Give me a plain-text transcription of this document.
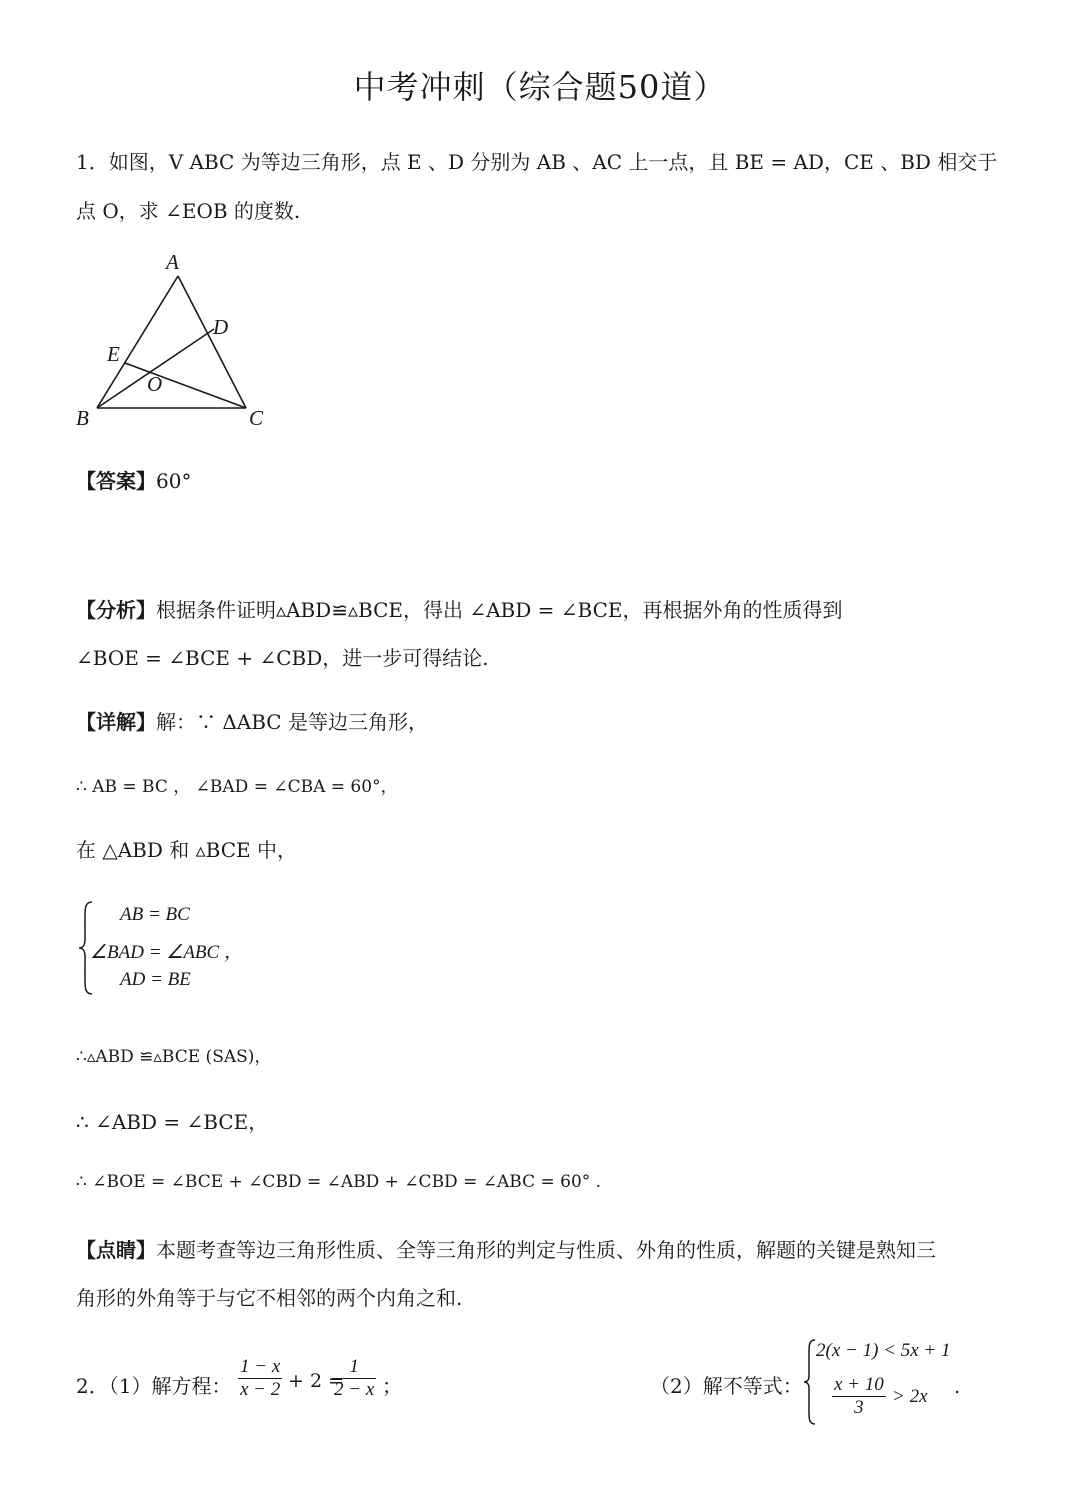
中考冲刺（综合题50道）
1．如图，V ABC 为等边三角形，点 E 、D 分别为 AB 、AC 上一点，且 BE = AD，CE 、BD 相交于
点 O，求 ∠EOB 的度数.
A
D
E
O
B	C
【答案】60°
【分析】根据条件证明▵ABD≌▵BCE，得出 ∠ABD = ∠BCE，再根据外角的性质得到
∠BOE = ∠BCE + ∠CBD，进一步可得结论.
【详解】解：∵ ΔABC 是等边三角形，
∴ AB = BC ， ∠BAD = ∠CBA = 60°，
在 △ABD 和 ▵BCE 中，
AB = BC
∠BAD = ∠ABC ，
AD = BE
∴▵ABD ≌▵BCE (SAS)，
∴ ∠ABD = ∠BCE，
∴ ∠BOE = ∠BCE + ∠CBD = ∠ABD + ∠CBD = ∠ABC = 60° .
【点睛】本题考查等边三角形性质、全等三角形的判定与性质、外角的性质，解题的关键是熟知三
角形的外角等于与它不相邻的两个内角之和.
2．（1）解方程： $\frac{1 - x}{x - 2} + 2$ =
$\frac{1}{2 - x}$ ；	（2）解不等式：
2(x − 1) < 5x + 1
$\frac{x + 10}{3} > 2x$ .
